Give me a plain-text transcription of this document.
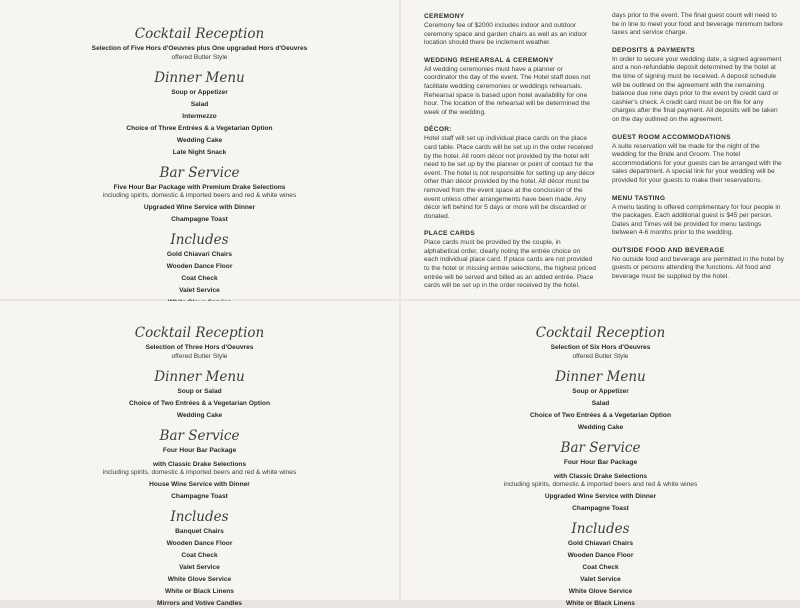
Cocktail Reception
Selection of Five Hors d'Oeuvres plus One upgraded Hors d'Oeuvres
offered Butler Style
Dinner Menu
Soup or Appetizer
Salad
Intermezzo
Choice of Three Entrées & a Vegetarian Option
Wedding Cake
Late Night Snack
Bar Service
Five Hour Bar Package with Premium Drake Selections
including spirits, domestic & imported beers and red & white wines
Upgraded Wine Service with Dinner
Champagne Toast
Includes
Gold Chiavari Chairs
Wooden Dance Floor
Coat Check
Valet Service
CEREMONY
Ceremony fee of $2000 includes indoor and outdoor ceremony space and garden chairs as well as an indoor location should there be inclement weather.
WEDDING REHEARSAL & CEREMONY
All wedding ceremonies must have a planner or coordinator the day of the event. The Hotel staff does not facilitate wedding ceremonies or weddings rehearsals. Rehearsal space is based upon hotel availability for one hour. The location of the rehearsal will be determined the week of the wedding.
DÉCOR:
Hotel staff will set up individual place cards on the place card table. Place cards will be set up in the order received by the hotel. All room décor not provided by the hotel will need to be set up by the planner or point of contact for the event. The hotel is not responsible for setting up any décor other than décor provided by the hotel. All décor must be removed from the event space at the conclusion of the event unless other arrangements have been made. Any décor left behind for 5 days or more will be discarded or donated.
PLACE CARDS
Place cards must be provided by the couple, in alphabetical order, clearly noting the entrée choice on each individual place card. If place cards are not provided to the hotel or missing entrée selections, the highest priced entrée will be served and billed as an added entrée. Place cards will be set up in the order received by the hotel.
days prior to the event. The final guest count will need to be in line to meet your food and beverage minimum before taxes and service charge.
DEPOSITS & PAYMENTS
In order to secure your wedding date, a signed agreement and a non-refundable deposit determined by the hotel at the time of signing must be received. A deposit schedule will be outlined on the agreement with the remaining balance due nine days prior to the event by credit card or cashier's check. A credit card must be on file for any charges after the final payment. All deposits will be taken on the day outlined on the agreement.
GUEST ROOM ACCOMMODATIONS
A suite reservation will be made for the night of the wedding for the Bride and Groom. The hotel accommodations for your guests can be arranged with the sales department. A special link for your wedding will be provided for your guests to make their reservations.
MENU TASTING
A menu tasting is offered complimentary for four people in the packages. Each additional guest is $45 per person. Dates and Times will be provided for menu tastings between 4-6 months prior to the wedding.
OUTSIDE FOOD AND BEVERAGE
No outside food and beverage are permitted in the hotel by guests or persons attending the functions. All food and beverage must be supplied by the hotel.
Cocktail Reception
Selection of Three Hors d'Oeuvres
offered Butler Style
Dinner Menu
Soup or Salad
Choice of Two Entrées & a Vegetarian Option
Wedding Cake
Bar Service
Four Hour Bar Package
with Classic Drake Selections
including spirits, domestic & imported beers and red & white wines
House Wine Service with Dinner
Champagne Toast
Includes
Banquet Chairs
Wooden Dance Floor
Coat Check
Valet Service
White Glove Service
White or Black Linens
Mirrors and Votive Candles
Cocktail Reception
Selection of Six Hors d'Oeuvres
offered Butler Style
Dinner Menu
Soup or Appetizer
Salad
Choice of Two Entrées & a Vegetarian Option
Wedding Cake
Bar Service
Four Hour Bar Package
with Classic Drake Selections
including spirits, domestic & imported beers and red & white wines
Upgraded Wine Service with Dinner
Champagne Toast
Includes
Gold Chiavari Chairs
Wooden Dance Floor
Coat Check
Valet Service
White Glove Service
White or Black Linens
